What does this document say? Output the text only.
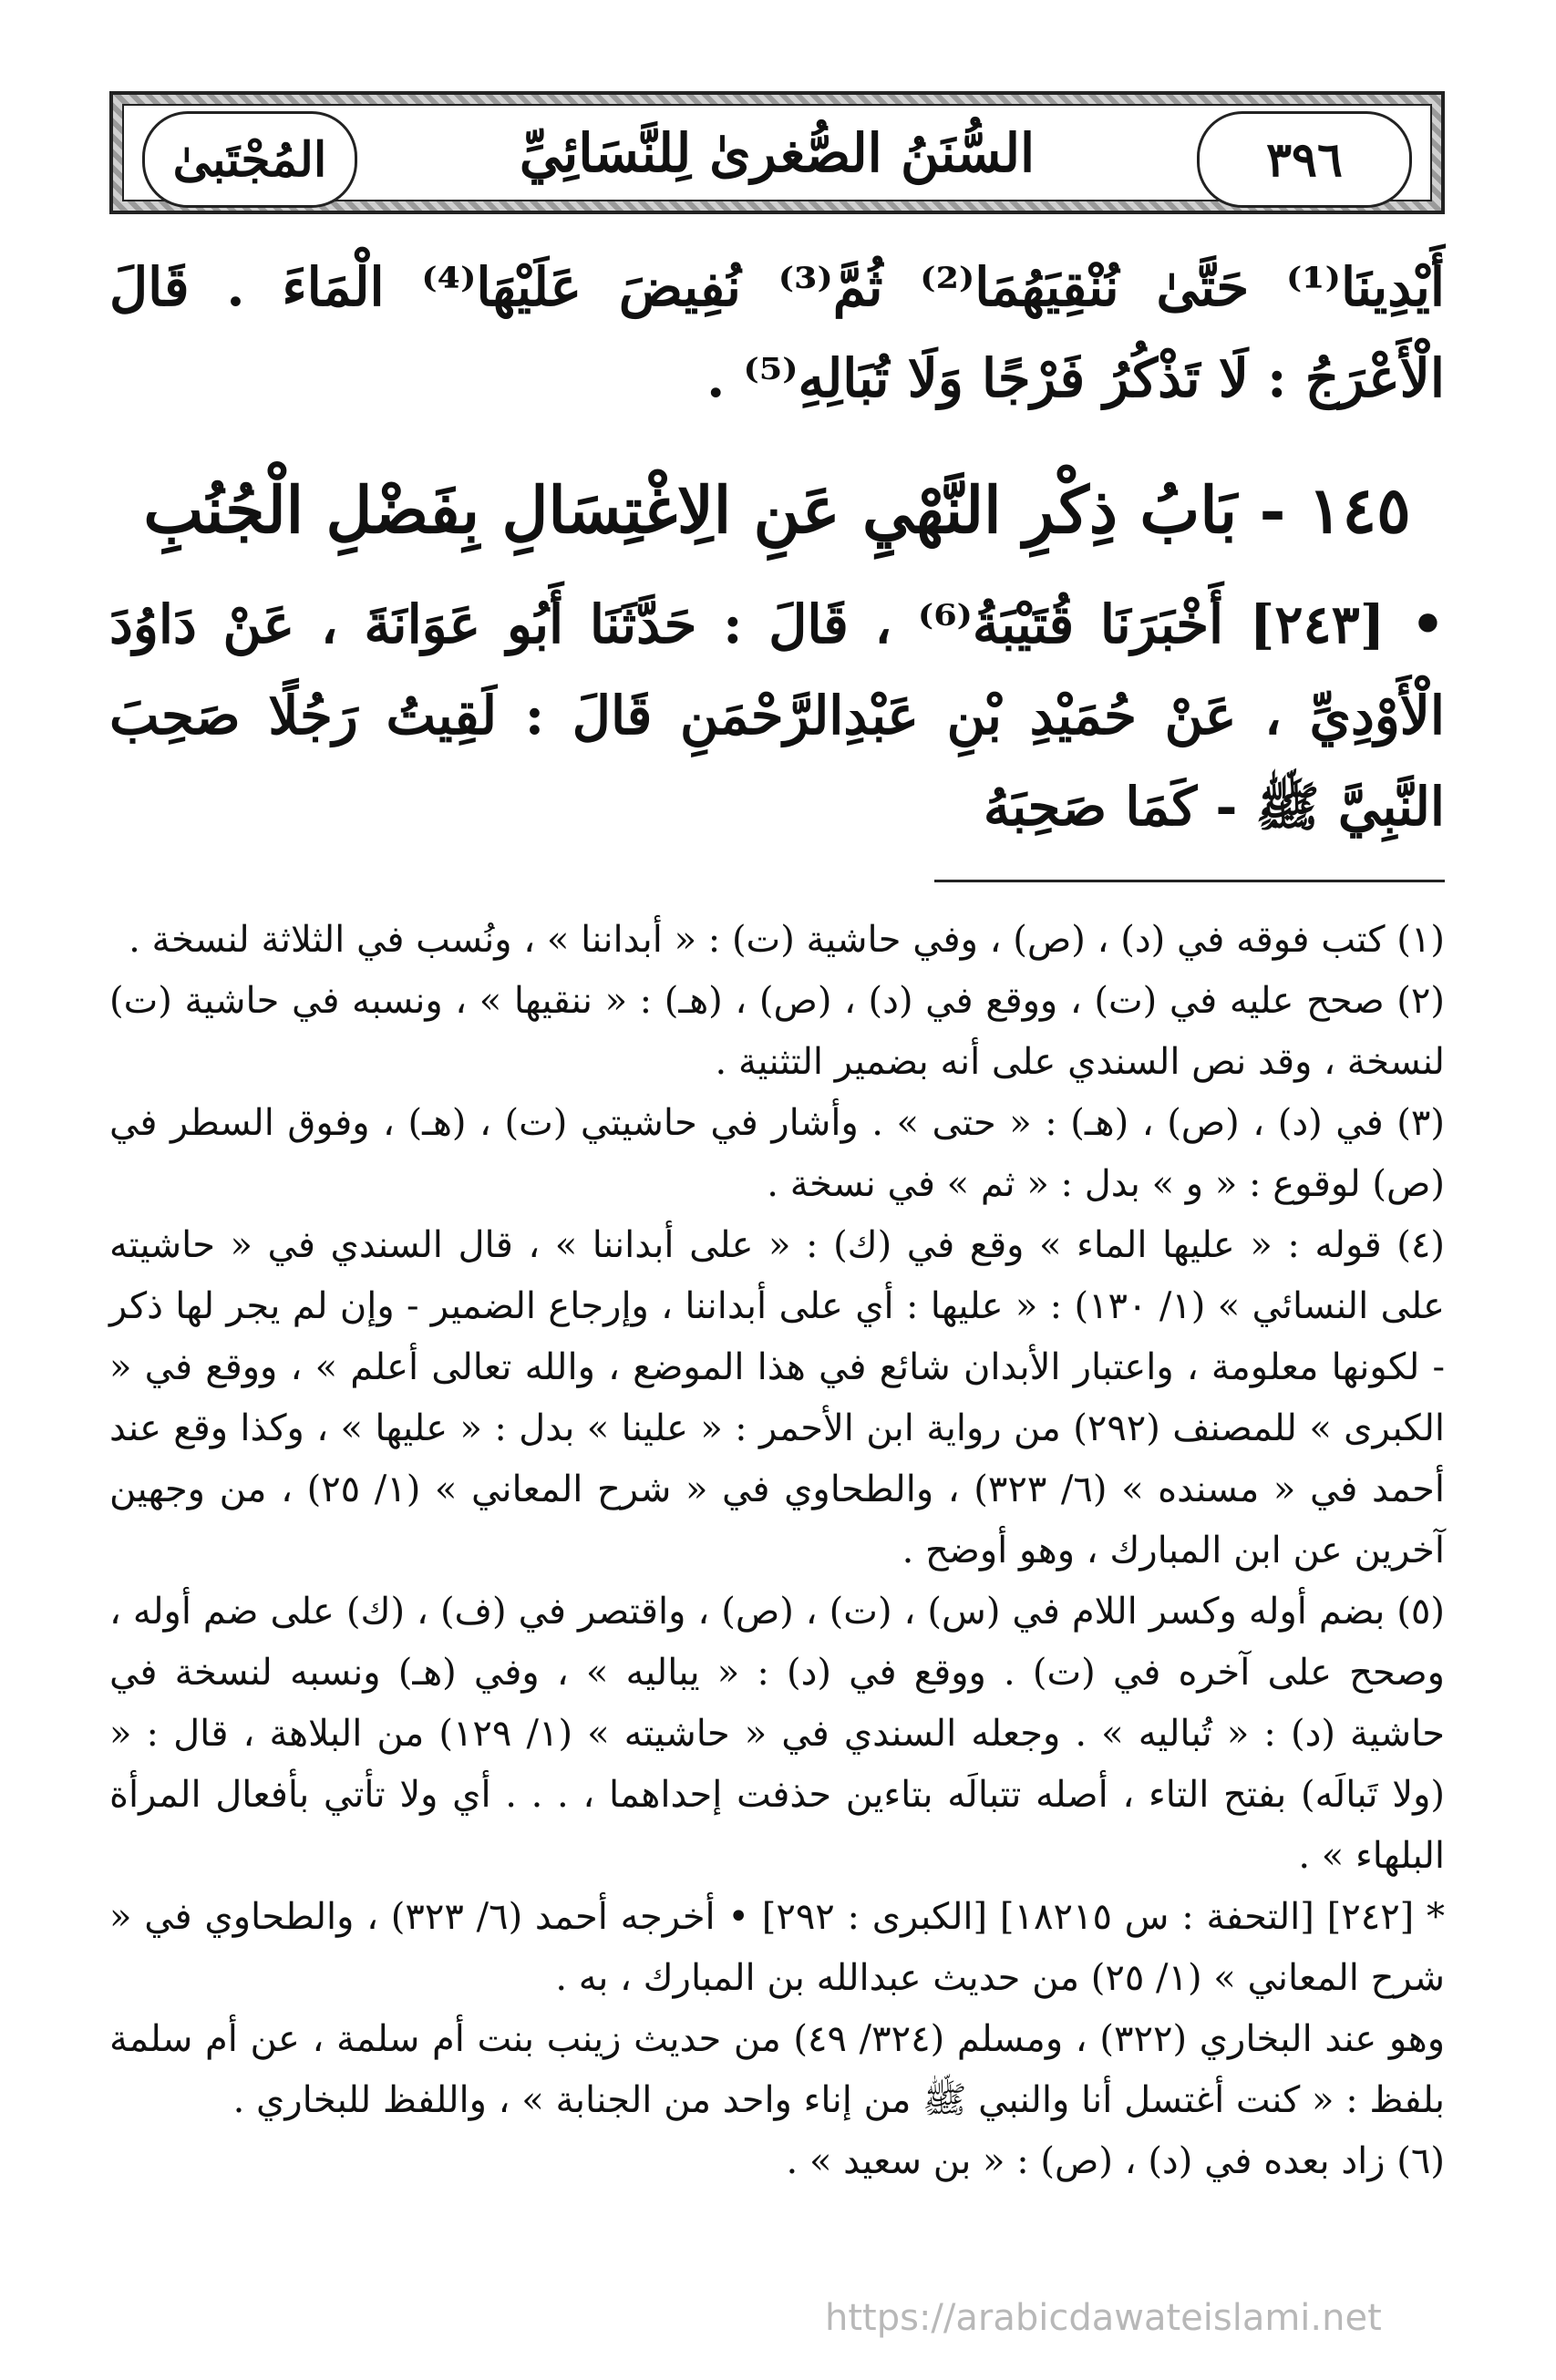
٣٩٦
السُّنَنُ الصُّغرىٰ لِلنَّسَائِيِّ
المُجْتَبىٰ

أَيْدِينَا⁽¹⁾ حَتَّىٰ نُنْقِيَهُمَا⁽²⁾ ثُمَّ⁽³⁾ نُفِيضَ عَلَيْهَا⁽⁴⁾ الْمَاءَ . قَالَ الْأَعْرَجُ : لَا تَذْكُرُ فَرْجًا وَلَا تُبَالِهِ⁽⁵⁾ .

١٤٥ - بَابُ ذِكْرِ النَّهْيِ عَنِ الِاغْتِسَالِ بِفَضْلِ الْجُنُبِ

• [٢٤٣] أَخْبَرَنَا قُتَيْبَةُ⁽⁶⁾ ، قَالَ : حَدَّثَنَا أَبُو عَوَانَةَ ، عَنْ دَاوُدَ الْأَوْدِيِّ ، عَنْ حُمَيْدِ بْنِ عَبْدِالرَّحْمَنِ قَالَ : لَقِيتُ رَجُلًا صَحِبَ النَّبِيَّ ﷺ - كَمَا صَحِبَهُ

(١) كتب فوقه في (د) ، (ص) ، وفي حاشية (ت) : « أبداننا » ، ونُسب في الثلاثة لنسخة .

(٢) صحح عليه في (ت) ، ووقع في (د) ، (ص) ، (هـ) : « ننقيها » ، ونسبه في حاشية (ت) لنسخة ، وقد نص السندي على أنه بضمير التثنية .

(٣) في (د) ، (ص) ، (هـ) : « حتى » . وأشار في حاشيتي (ت) ، (هـ) ، وفوق السطر في (ص) لوقوع : « و » بدل : « ثم » في نسخة .

(٤) قوله : « عليها الماء » وقع في (ك) : « على أبداننا » ، قال السندي في « حاشيته على النسائي » (١/ ١٣٠) : « عليها : أي على أبداننا ، وإرجاع الضمير - وإن لم يجر لها ذكر - لكونها معلومة ، واعتبار الأبدان شائع في هذا الموضع ، والله تعالى أعلم » ، ووقع في « الكبرى » للمصنف (٢٩٢) من رواية ابن الأحمر : « علينا » بدل : « عليها » ، وكذا وقع عند أحمد في « مسنده » (٦/ ٣٢٣) ، والطحاوي في « شرح المعاني » (١/ ٢٥) ، من وجهين آخرين عن ابن المبارك ، وهو أوضح .

(٥) بضم أوله وكسر اللام في (س) ، (ت) ، (ص) ، واقتصر في (ف) ، (ك) على ضم أوله ، وصحح على آخره في (ت) . ووقع في (د) : « يباليه » ، وفي (هـ) ونسبه لنسخة في حاشية (د) : « تُباليه » . وجعله السندي في « حاشيته » (١/ ١٢٩) من البلاهة ، قال : « (ولا تَبالَه) بفتح التاء ، أصله تتبالَه بتاءين حذفت إحداهما ، . . . أي ولا تأتي بأفعال المرأة البلهاء » .

* [٢٤٢] [التحفة : س ١٨٢١٥] [الكبرى : ٢٩٢] • أخرجه أحمد (٦/ ٣٢٣) ، والطحاوي في « شرح المعاني » (١/ ٢٥) من حديث عبدالله بن المبارك ، به .

وهو عند البخاري (٣٢٢) ، ومسلم (٣٢٤/ ٤٩) من حديث زينب بنت أم سلمة ، عن أم سلمة بلفظ : « كنت أغتسل أنا والنبي ﷺ من إناء واحد من الجنابة » ، واللفظ للبخاري .

(٦) زاد بعده في (د) ، (ص) : « بن سعيد » .

https://arabicdawateislami.net
